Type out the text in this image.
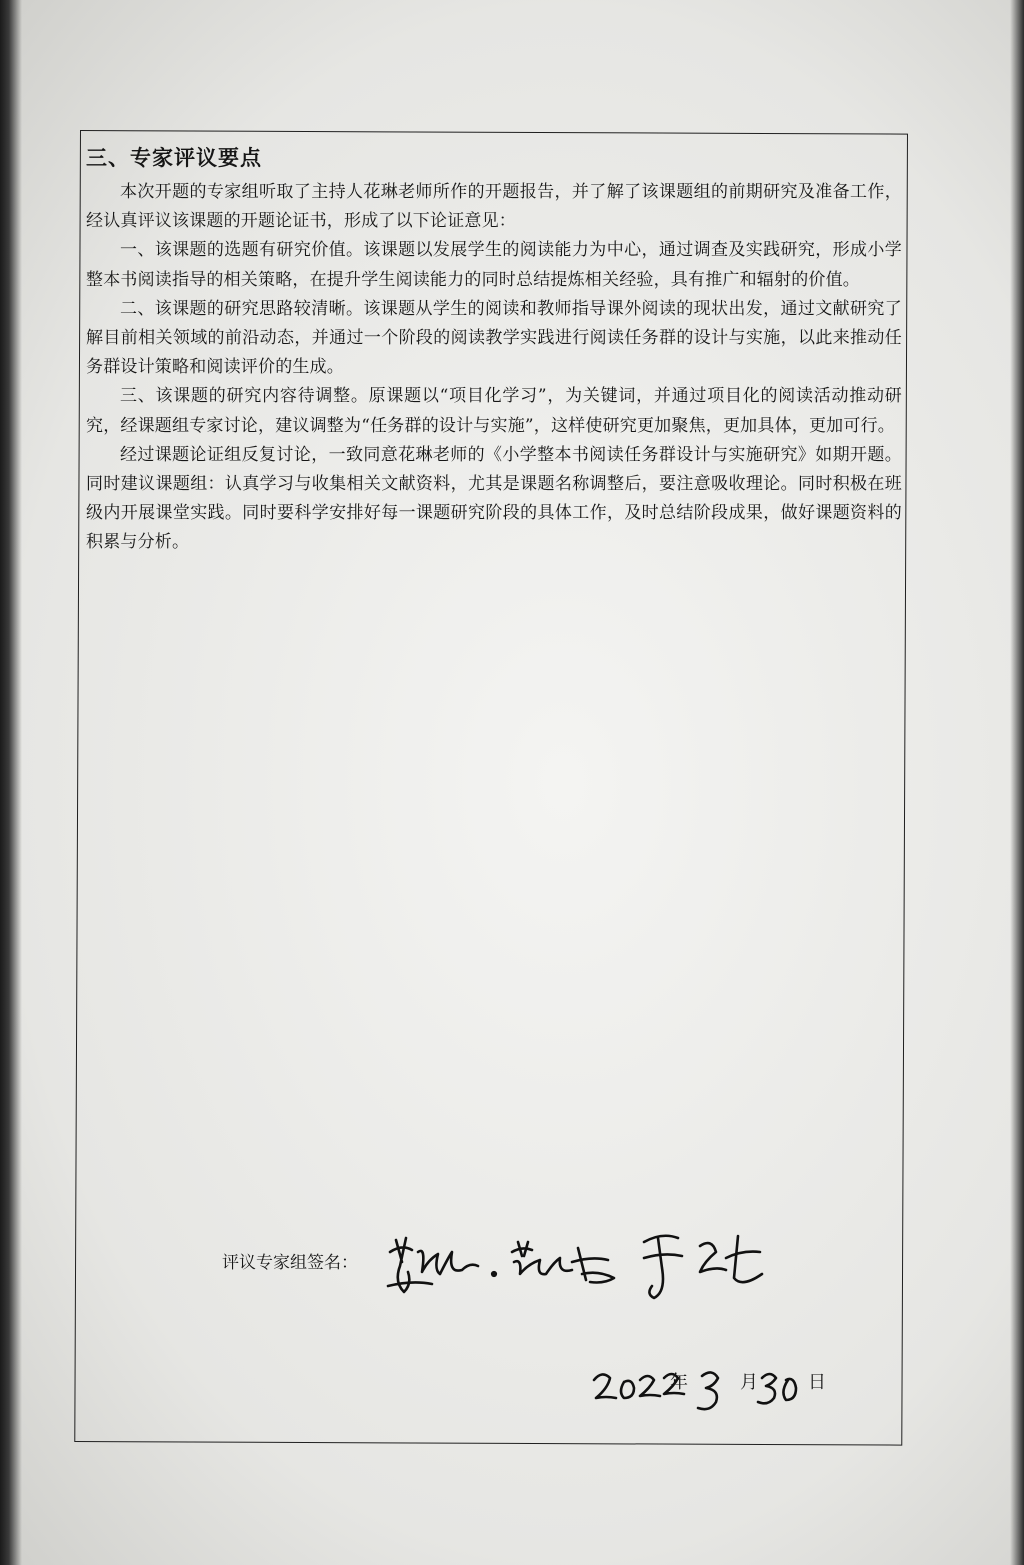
三、专家评议要点

本次开题的专家组听取了主持人花琳老师所作的开题报告，并了解了该课题组的前期研究及准备工作，经认真评议该课题的开题论证书，形成了以下论证意见：

一、该课题的选题有研究价值。该课题以发展学生的阅读能力为中心，通过调查及实践研究，形成小学整本书阅读指导的相关策略，在提升学生阅读能力的同时总结提炼相关经验，具有推广和辐射的价值。

二、该课题的研究思路较清晰。该课题从学生的阅读和教师指导课外阅读的现状出发，通过文献研究了解目前相关领域的前沿动态，并通过一个阶段的阅读教学实践进行阅读任务群的设计与实施，以此来推动任务群设计策略和阅读评价的生成。

三、该课题的研究内容待调整。原课题以“项目化学习”，为关键词，并通过项目化的阅读活动推动研究，经课题组专家讨论，建议调整为“任务群的设计与实施”，这样使研究更加聚焦，更加具体，更加可行。

经过课题论证组反复讨论，一致同意花琳老师的《小学整本书阅读任务群设计与实施研究》如期开题。同时建议课题组：认真学习与收集相关文献资料，尤其是课题名称调整后，要注意吸收理论。同时积极在班级内开展课堂实践。同时要科学安排好每一课题研究阶段的具体工作，及时总结阶段成果，做好课题资料的积累与分析。

评议专家组签名：
年	月	日
